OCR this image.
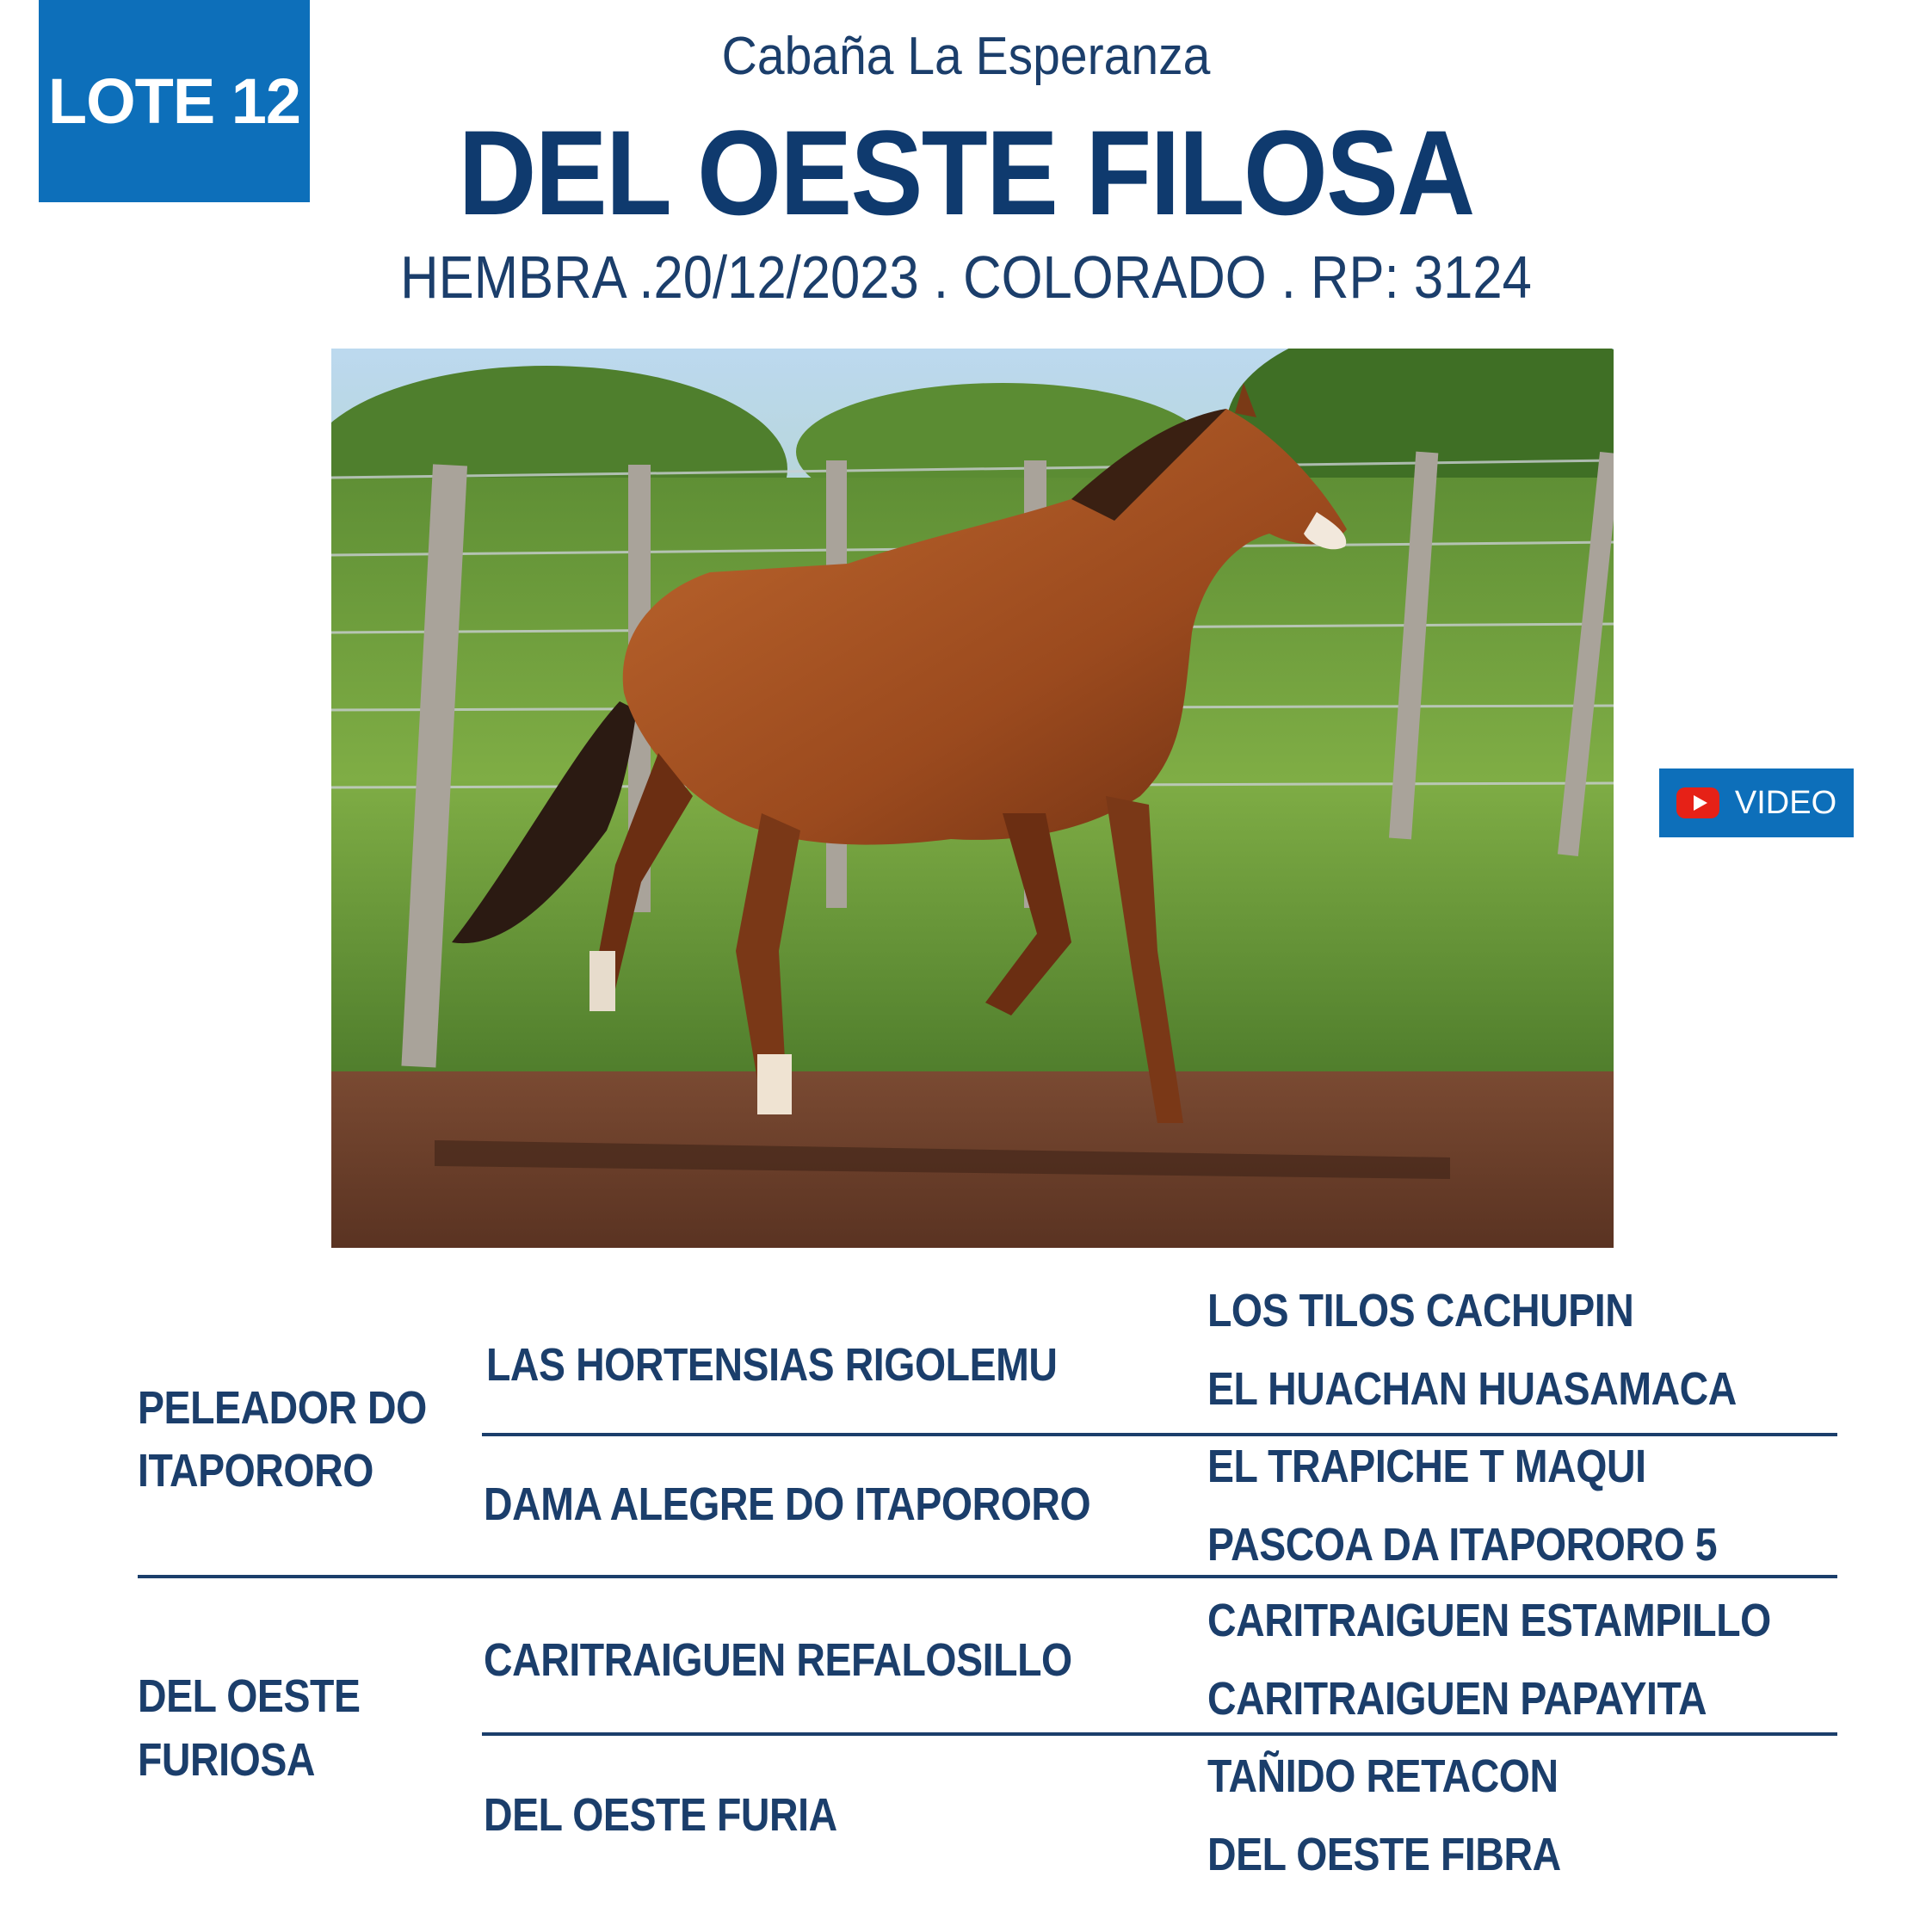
LOTE 12
Cabaña La Esperanza
DEL OESTE FILOSA
HEMBRA .20/12/2023 . COLORADO . RP: 3124
VIDEO
PELEADOR DO
ITAPORORO
DEL OESTE
FURIOSA
LAS HORTENSIAS RIGOLEMU
DAMA ALEGRE DO ITAPORORO
CARITRAIGUEN REFALOSILLO
DEL OESTE FURIA
LOS TILOS CACHUPIN
EL HUACHAN HUASAMACA
EL TRAPICHE T MAQUI
PASCOA DA ITAPORORO 5
CARITRAIGUEN ESTAMPILLO
CARITRAIGUEN PAPAYITA
TAÑIDO RETACON
DEL OESTE FIBRA
